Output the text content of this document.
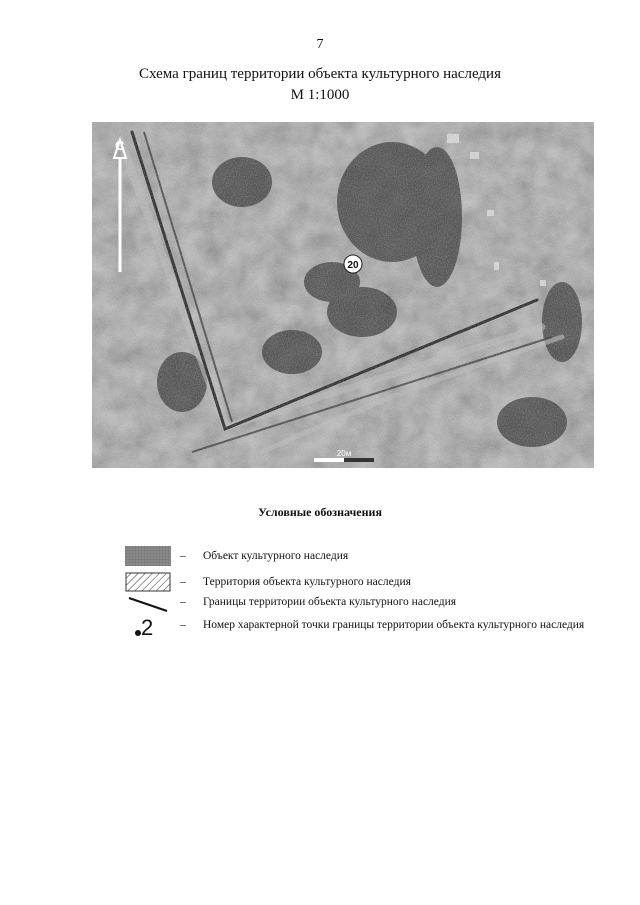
7
Схема границ территории объекта культурного наследия
М 1:1000
С
20
20м
Условные обозначения
– Объект культурного наследия
– Территория объекта культурного наследия
– Границы территории объекта культурного наследия
2	– Номер характерной точки границы территории объекта культурного наследия
